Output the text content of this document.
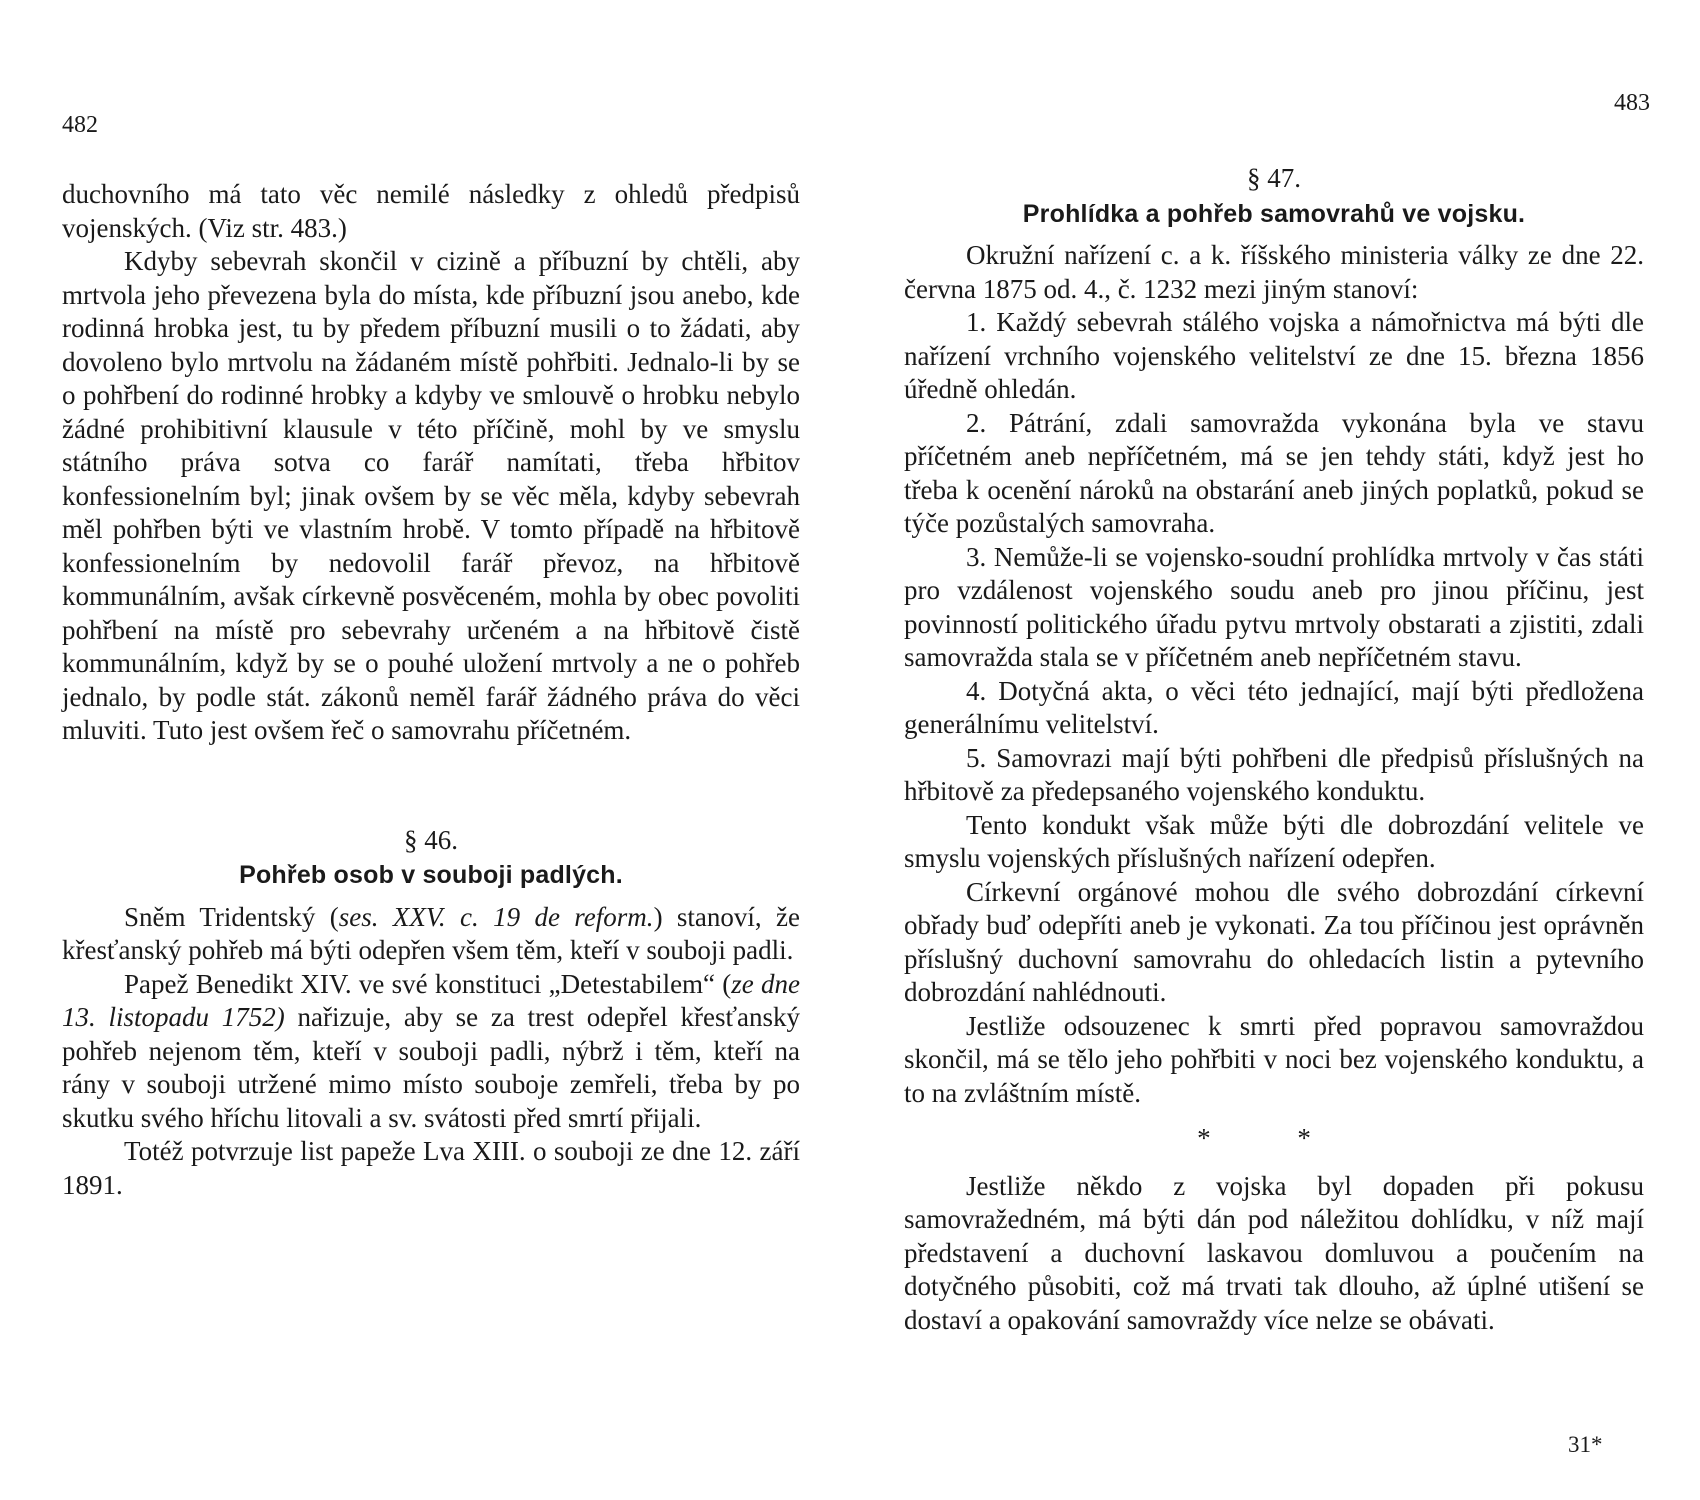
482

duchovního má tato věc nemilé následky z ohledů předpisů vojenských. (Viz str. 483.)

Kdyby sebevrah skončil v cizině a příbuzní by chtěli, aby mrtvola jeho převezena byla do místa, kde příbuzní jsou anebo, kde rodinná hrobka jest, tu by předem příbuzní musili o to žádati, aby dovoleno bylo mrtvolu na žádaném místě pohřbiti. Jednalo-li by se o pohřbení do rodinné hrobky a kdyby ve smlouvě o hrobku nebylo žádné prohibitivní klausule v této příčině, mohl by ve smyslu státního práva sotva co farář namítati, třeba hřbitov konfessionelním byl; jinak ovšem by se věc měla, kdyby sebevrah měl pohřben býti ve vlastním hrobě. V tomto případě na hřbitově konfessionelním by nedovolil farář převoz, na hřbitově kommunálním, avšak církevně posvěceném, mohla by obec povoliti pohřbení na místě pro sebevrahy určeném a na hřbitově čistě kommunálním, když by se o pouhé uložení mrtvoly a ne o pohřeb jednalo, by podle stát. zákonů neměl farář žádného práva do věci mluviti. Tuto jest ovšem řeč o samovrahu příčetném.

§ 46.

Pohřeb osob v souboji padlých.

Sněm Tridentský (ses. XXV. c. 19 de reform.) stanoví, že křesťanský pohřeb má býti odepřen všem těm, kteří v souboji padli.

Papež Benedikt XIV. ve své konstituci „Detestabilem“ (ze dne 13. listopadu 1752) nařizuje, aby se za trest odepřel křesťanský pohřeb nejenom těm, kteří v souboji padli, nýbrž i těm, kteří na rány v souboji utržené mimo místo souboje zemřeli, třeba by po skutku svého hříchu litovali a sv. svátosti před smrtí přijali.

Totéž potvrzuje list papeže Lva XIII. o souboji ze dne 12. září 1891.

483

§ 47.

Prohlídka a pohřeb samovrahů ve vojsku.

Okružní nařízení c. a k. říšského ministeria války ze dne 22. června 1875 od. 4., č. 1232 mezi jiným stanoví:

1. Každý sebevrah stálého vojska a námořnictva má býti dle nařízení vrchního vojenského velitelství ze dne 15. března 1856 úředně ohledán.

2. Pátrání, zdali samovražda vykonána byla ve stavu příčetném aneb nepříčetném, má se jen tehdy státi, když jest ho třeba k ocenění nároků na obstarání aneb jiných poplatků, pokud se týče pozůstalých samovraha.

3. Nemůže-li se vojensko-soudní prohlídka mrtvoly v čas státi pro vzdálenost vojenského soudu aneb pro jinou příčinu, jest povinností politického úřadu pytvu mrtvoly obstarati a zjistiti, zdali samovražda stala se v příčetném aneb nepříčetném stavu.

4. Dotyčná akta, o věci této jednající, mají býti předložena generálnímu velitelství.

5. Samovrazi mají býti pohřbeni dle předpisů příslušných na hřbitově za předepsaného vojenského konduktu.

Tento kondukt však může býti dle dobrozdání velitele ve smyslu vojenských příslušných nařízení odepřen.

Církevní orgánové mohou dle svého dobrozdání církevní obřady buď odepříti aneb je vykonati. Za tou příčinou jest oprávněn příslušný duchovní samovrahu do ohledacích listin a pytevního dobrozdání nahlédnouti.

Jestliže odsouzenec k smrti před popravou samovraždou skončil, má se tělo jeho pohřbiti v noci bez vojenského konduktu, a to na zvláštním místě.

* *

Jestliže někdo z vojska byl dopaden při pokusu samovražedném, má býti dán pod náležitou dohlídku, v níž mají představení a duchovní laskavou domluvou a poučením na dotyčného působiti, což má trvati tak dlouho, až úplné utišení se dostaví a opakování samovraždy více nelze se obávati.

31*
